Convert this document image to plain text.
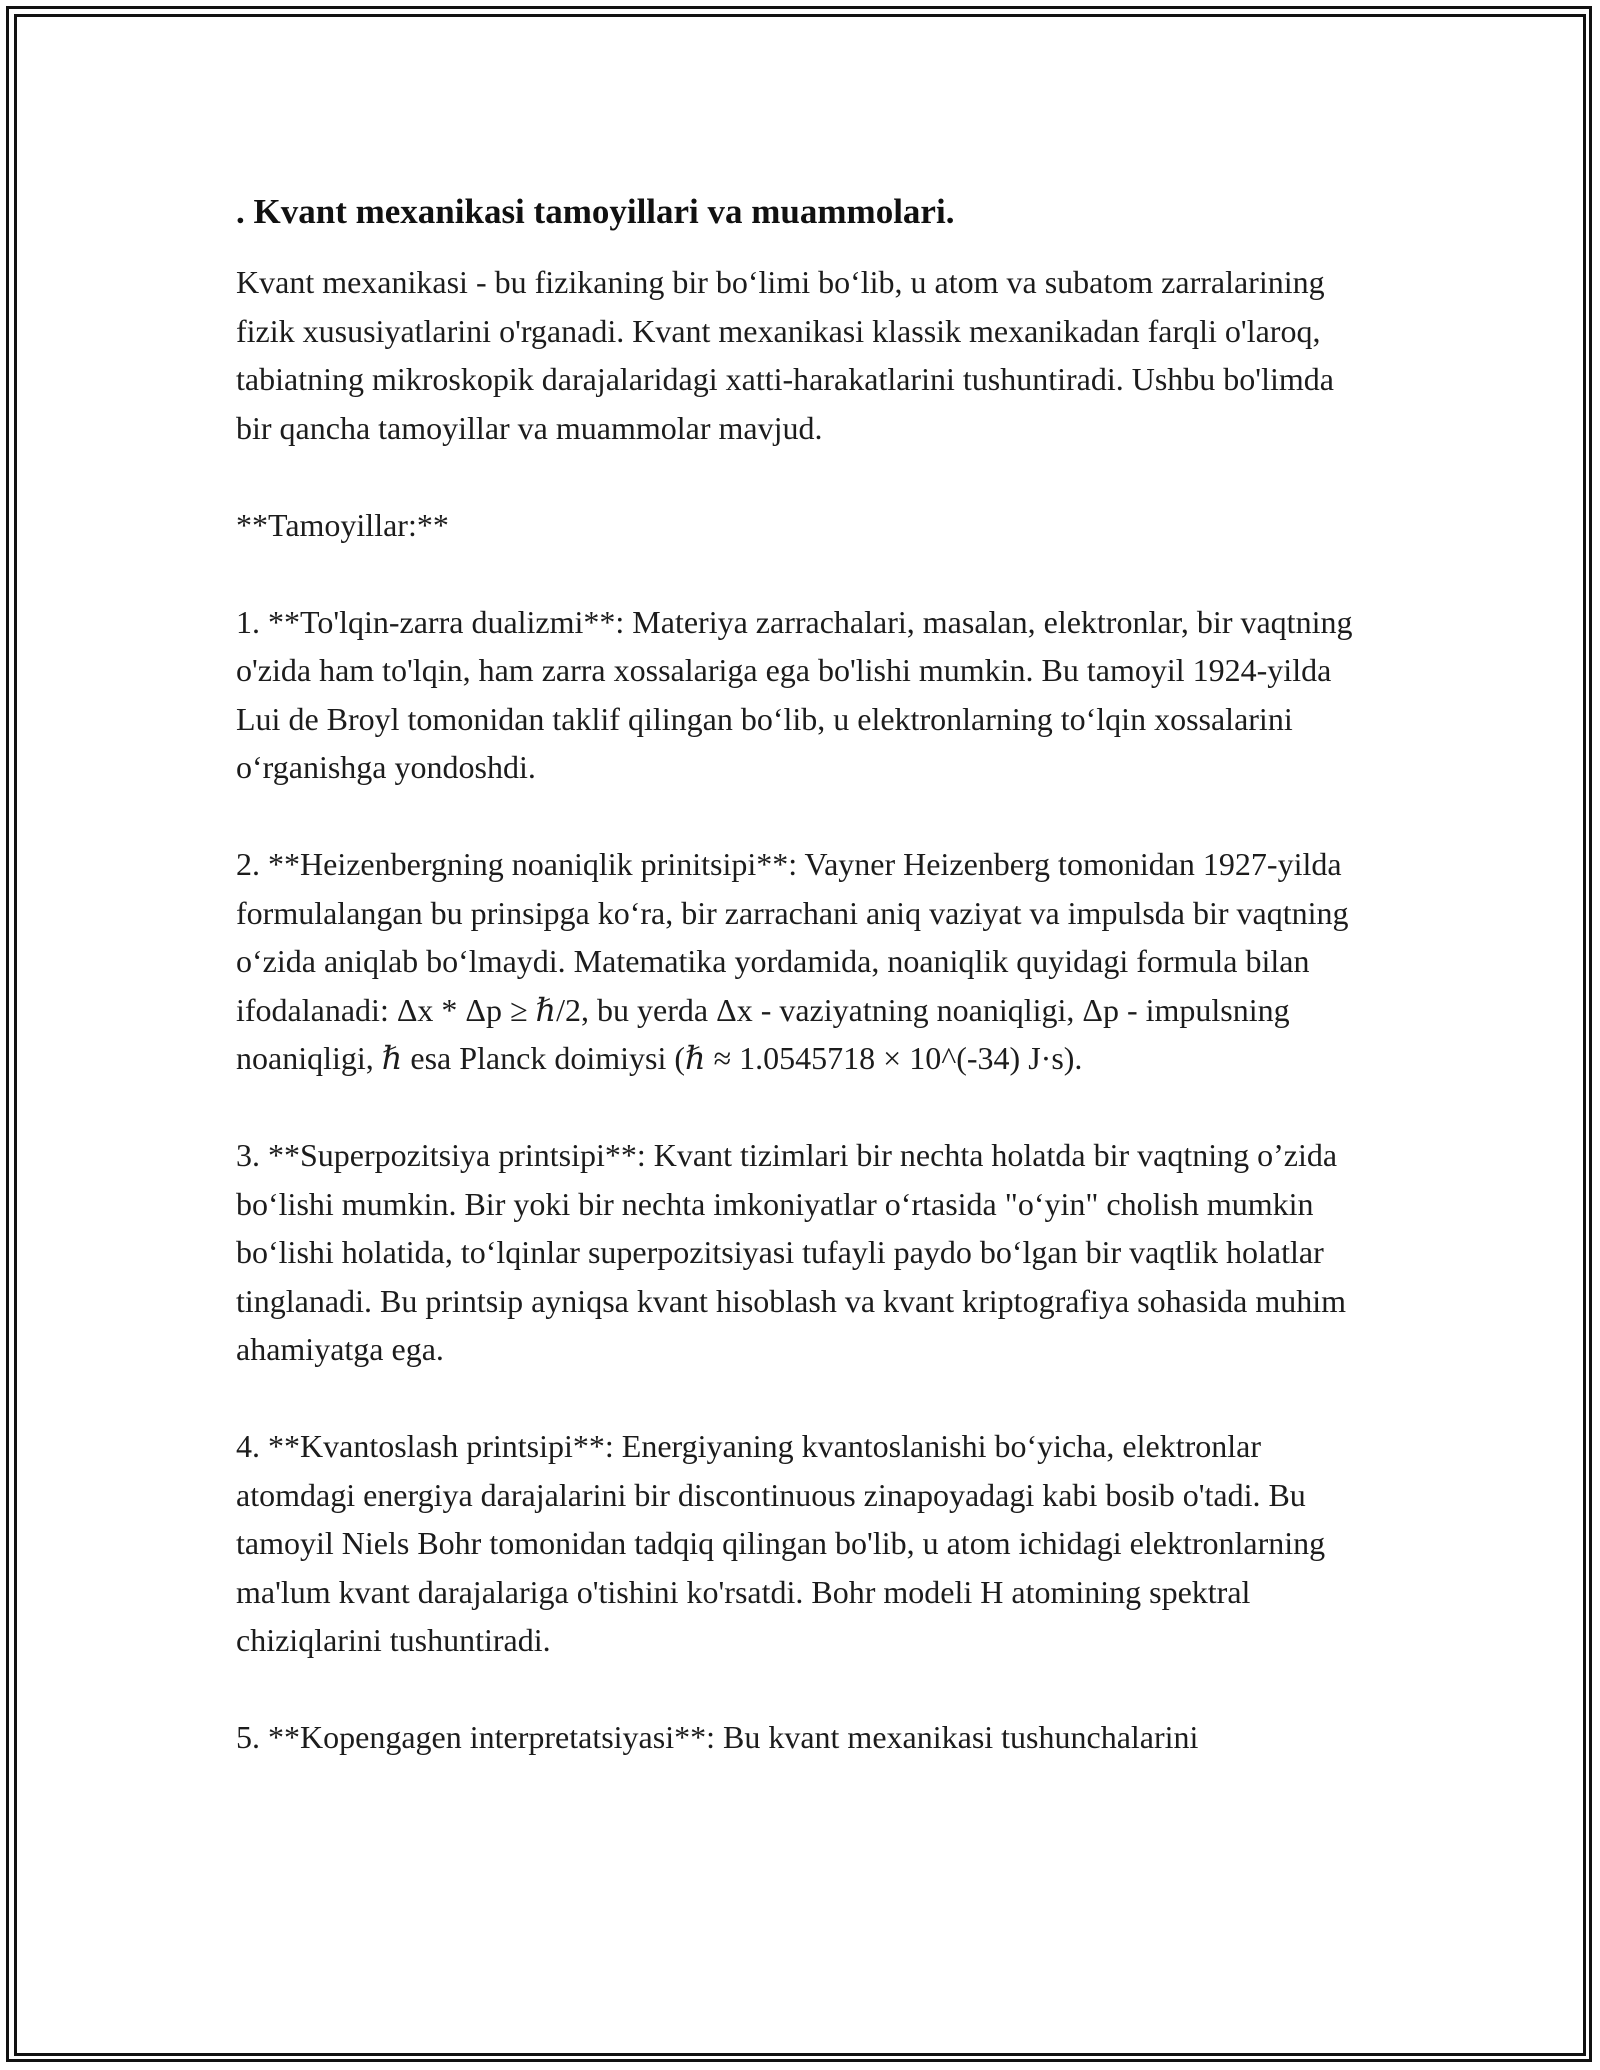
. Kvant mexanikasi tamoyillari va muammolari.

Kvant mexanikasi - bu fizikaning bir bo‘limi bo‘lib, u atom va subatom zarralarining fizik xususiyatlarini o'rganadi. Kvant mexanikasi klassik mexanikadan farqli o'laroq, tabiatning mikroskopik darajalaridagi xatti-harakatlarini tushuntiradi. Ushbu bo'limda bir qancha tamoyillar va muammolar mavjud.

**Tamoyillar:**

1. **To'lqin-zarra dualizmi**: Materiya zarrachalari, masalan, elektronlar, bir vaqtning o'zida ham to'lqin, ham zarra xossalariga ega bo'lishi mumkin. Bu tamoyil 1924-yilda Lui de Broyl tomonidan taklif qilingan bo‘lib, u elektronlarning to‘lqin xossalarini o‘rganishga yondoshdi.

2. **Heizenbergning noaniqlik prinitsipi**: Vayner Heizenberg tomonidan 1927-yilda formulalangan bu prinsipga ko‘ra, bir zarrachani aniq vaziyat va impulsda bir vaqtning o‘zida aniqlab bo‘lmaydi. Matematika yordamida, noaniqlik quyidagi formula bilan ifodalanadi: Δx * Δp ≥ ℏ/2, bu yerda Δx - vaziyatning noaniqligi, Δp - impulsning noaniqligi, ℏ esa Planck doimiysi (ℏ ≈ 1.0545718 × 10^(-34) J·s).

3. **Superpozitsiya printsipi**: Kvant tizimlari bir nechta holatda bir vaqtning o’zida bo‘lishi mumkin. Bir yoki bir nechta imkoniyatlar o‘rtasida "o‘yin" cholish mumkin bo‘lishi holatida, to‘lqinlar superpozitsiyasi tufayli paydo bo‘lgan bir vaqtlik holatlar tinglanadi. Bu printsip ayniqsa kvant hisoblash va kvant kriptografiya sohasida muhim ahamiyatga ega.

4. **Kvantoslash printsipi**: Energiyaning kvantoslanishi bo‘yicha, elektronlar atomdagi energiya darajalarini bir discontinuous zinapoyadagi kabi bosib o'tadi. Bu tamoyil Niels Bohr tomonidan tadqiq qilingan bo'lib, u atom ichidagi elektronlarning ma'lum kvant darajalariga o'tishini ko'rsatdi. Bohr modeli H atomining spektral chiziqlarini tushuntiradi.

5. **Kopengagen interpretatsiyasi**: Bu kvant mexanikasi tushunchalarini
